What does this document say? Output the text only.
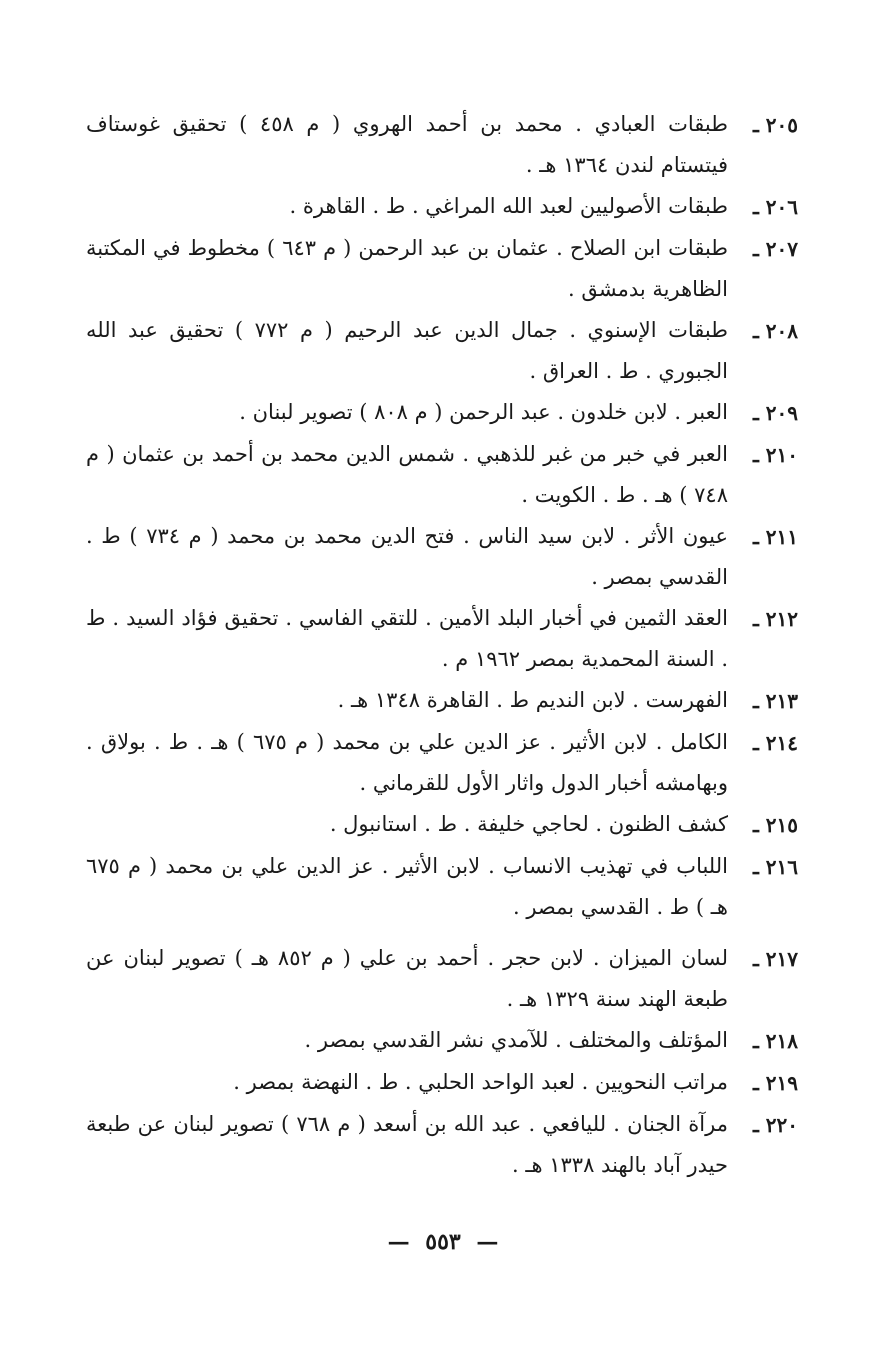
٢٠٥ ـ
طبقات العبادي . محمد بن أحمد الهروي ( م ٤٥٨ ) تحقيق غوستاف فيتستام لندن ١٣٦٤ هـ .
٢٠٦ ـ
طبقات الأصوليين لعبد الله المراغي . ط . القاهرة .
٢٠٧ ـ
طبقات ابن الصلاح . عثمان بن عبد الرحمن ( م ٦٤٣ ) مخطوط في المكتبة الظاهرية بدمشق .
٢٠٨ ـ
طبقات الإسنوي . جمال الدين عبد الرحيم ( م ٧٧٢ ) تحقيق عبد الله الجبوري . ط . العراق .
٢٠٩ ـ
العبر . لابن خلدون . عبد الرحمن ( م ٨٠٨ ) تصوير لبنان .
٢١٠ ـ
العبر في خبر من غبر للذهبي . شمس الدين محمد بن أحمد بن عثمان ( م ٧٤٨ ) هـ . ط . الكويت .
٢١١ ـ
عيون الأثر . لابن سيد الناس . فتح الدين محمد بن محمد ( م ٧٣٤ ) ط . القدسي بمصر .
٢١٢ ـ
العقد الثمين في أخبار البلد الأمين . للتقي الفاسي . تحقيق فؤاد السيد . ط . السنة المحمدية بمصر ١٩٦٢ م .
٢١٣ ـ
الفهرست . لابن النديم ط . القاهرة ١٣٤٨ هـ .
٢١٤ ـ
الكامل . لابن الأثير . عز الدين علي بن محمد ( م ٦٧٥ ) هـ . ط . بولاق . وبهامشه أخبار الدول واثار الأول للقرماني .
٢١٥ ـ
كشف الظنون . لحاجي خليفة . ط . استانبول .
٢١٦ ـ
اللباب في تهذيب الانساب . لابن الأثير . عز الدين علي بن محمد ( م ٦٧٥ هـ ) ط . القدسي بمصر .
٢١٧ ـ
لسان الميزان . لابن حجر . أحمد بن علي ( م ٨٥٢ هـ ) تصوير لبنان عن طبعة الهند سنة ١٣٢٩ هـ .
٢١٨ ـ
المؤتلف والمختلف . للآمدي نشر القدسي بمصر .
٢١٩ ـ
مراتب النحويين . لعبد الواحد الحلبي . ط . النهضة بمصر .
٢٢٠ ـ
مرآة الجنان . لليافعي . عبد الله بن أسعد ( م ٧٦٨ ) تصوير لبنان عن طبعة حيدر آباد بالهند ١٣٣٨ هـ .
— ٥٥٣ —
